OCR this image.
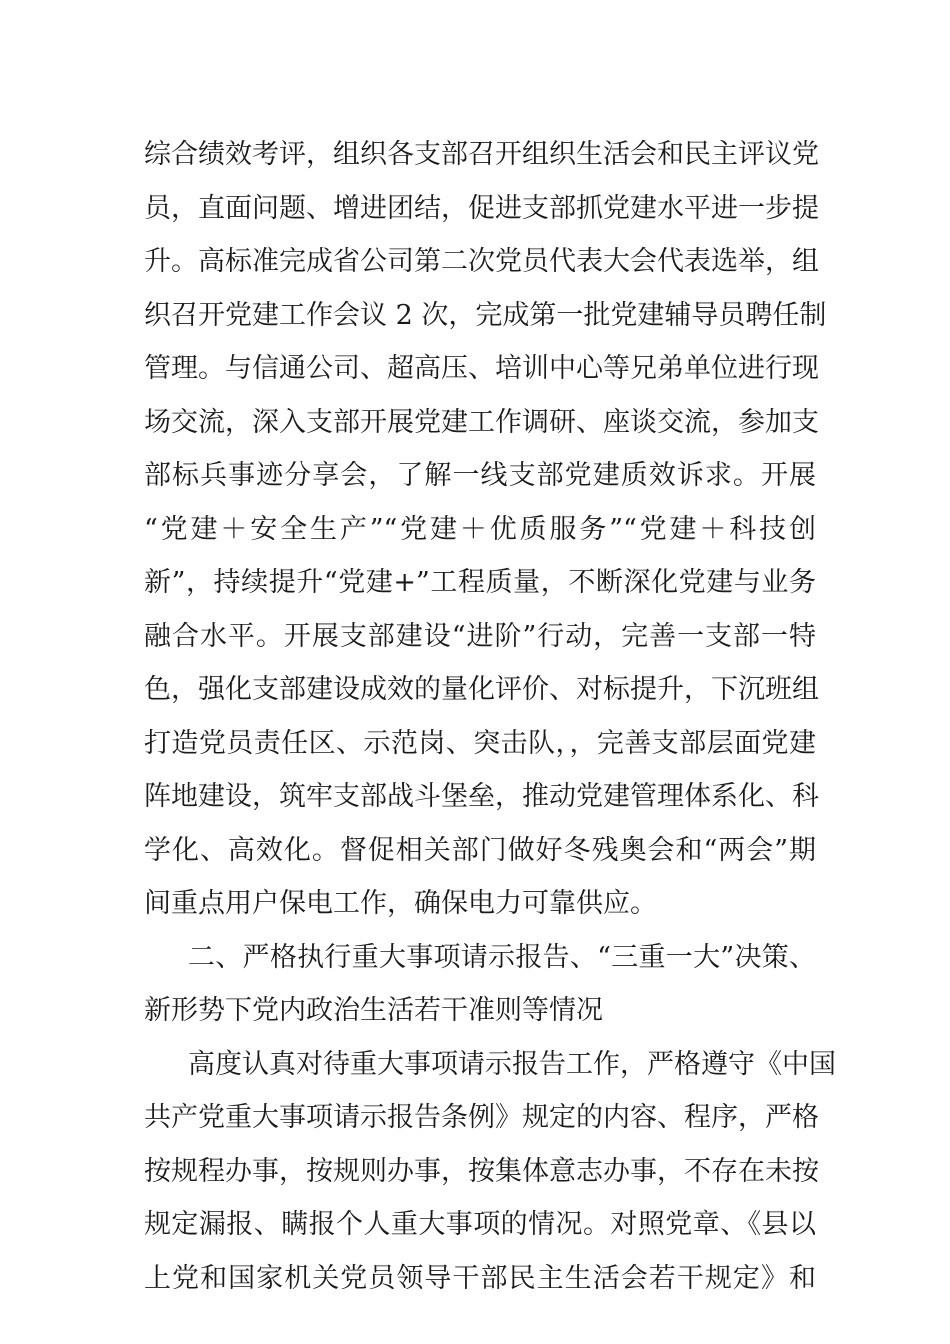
综合绩效考评，组织各支部召开组织生活会和民主评议党
员，直面问题、增进团结，促进支部抓党建水平进一步提
升。高标准完成省公司第二次党员代表大会代表选举，组
织召开党建工作会议 2 次，完成第一批党建辅导员聘任制
管理。与信通公司、超高压、培训中心等兄弟单位进行现
场交流，深入支部开展党建工作调研、座谈交流，参加支
部标兵事迹分享会，了解一线支部党建质效诉求。开展
“党建＋安全生产”“党建＋优质服务”“党建＋科技创
新”，持续提升“党建+”工程质量，不断深化党建与业务
融合水平。开展支部建设“进阶”行动，完善一支部一特
色，强化支部建设成效的量化评价、对标提升，下沉班组
打造党员责任区、示范岗、突击队，，完善支部层面党建
阵地建设，筑牢支部战斗堡垒，推动党建管理体系化、科
学化、高效化。督促相关部门做好冬残奥会和“两会”期
间重点用户保电工作，确保电力可靠供应。
二、严格执行重大事项请示报告、“三重一大”决策、
新形势下党内政治生活若干准则等情况
高度认真对待重大事项请示报告工作，严格遵守《中国
共产党重大事项请示报告条例》规定的内容、程序，严格
按规程办事，按规则办事，按集体意志办事，不存在未按
规定漏报、瞒报个人重大事项的情况。对照党章、《县以
上党和国家机关党员领导干部民主生活会若干规定》和
